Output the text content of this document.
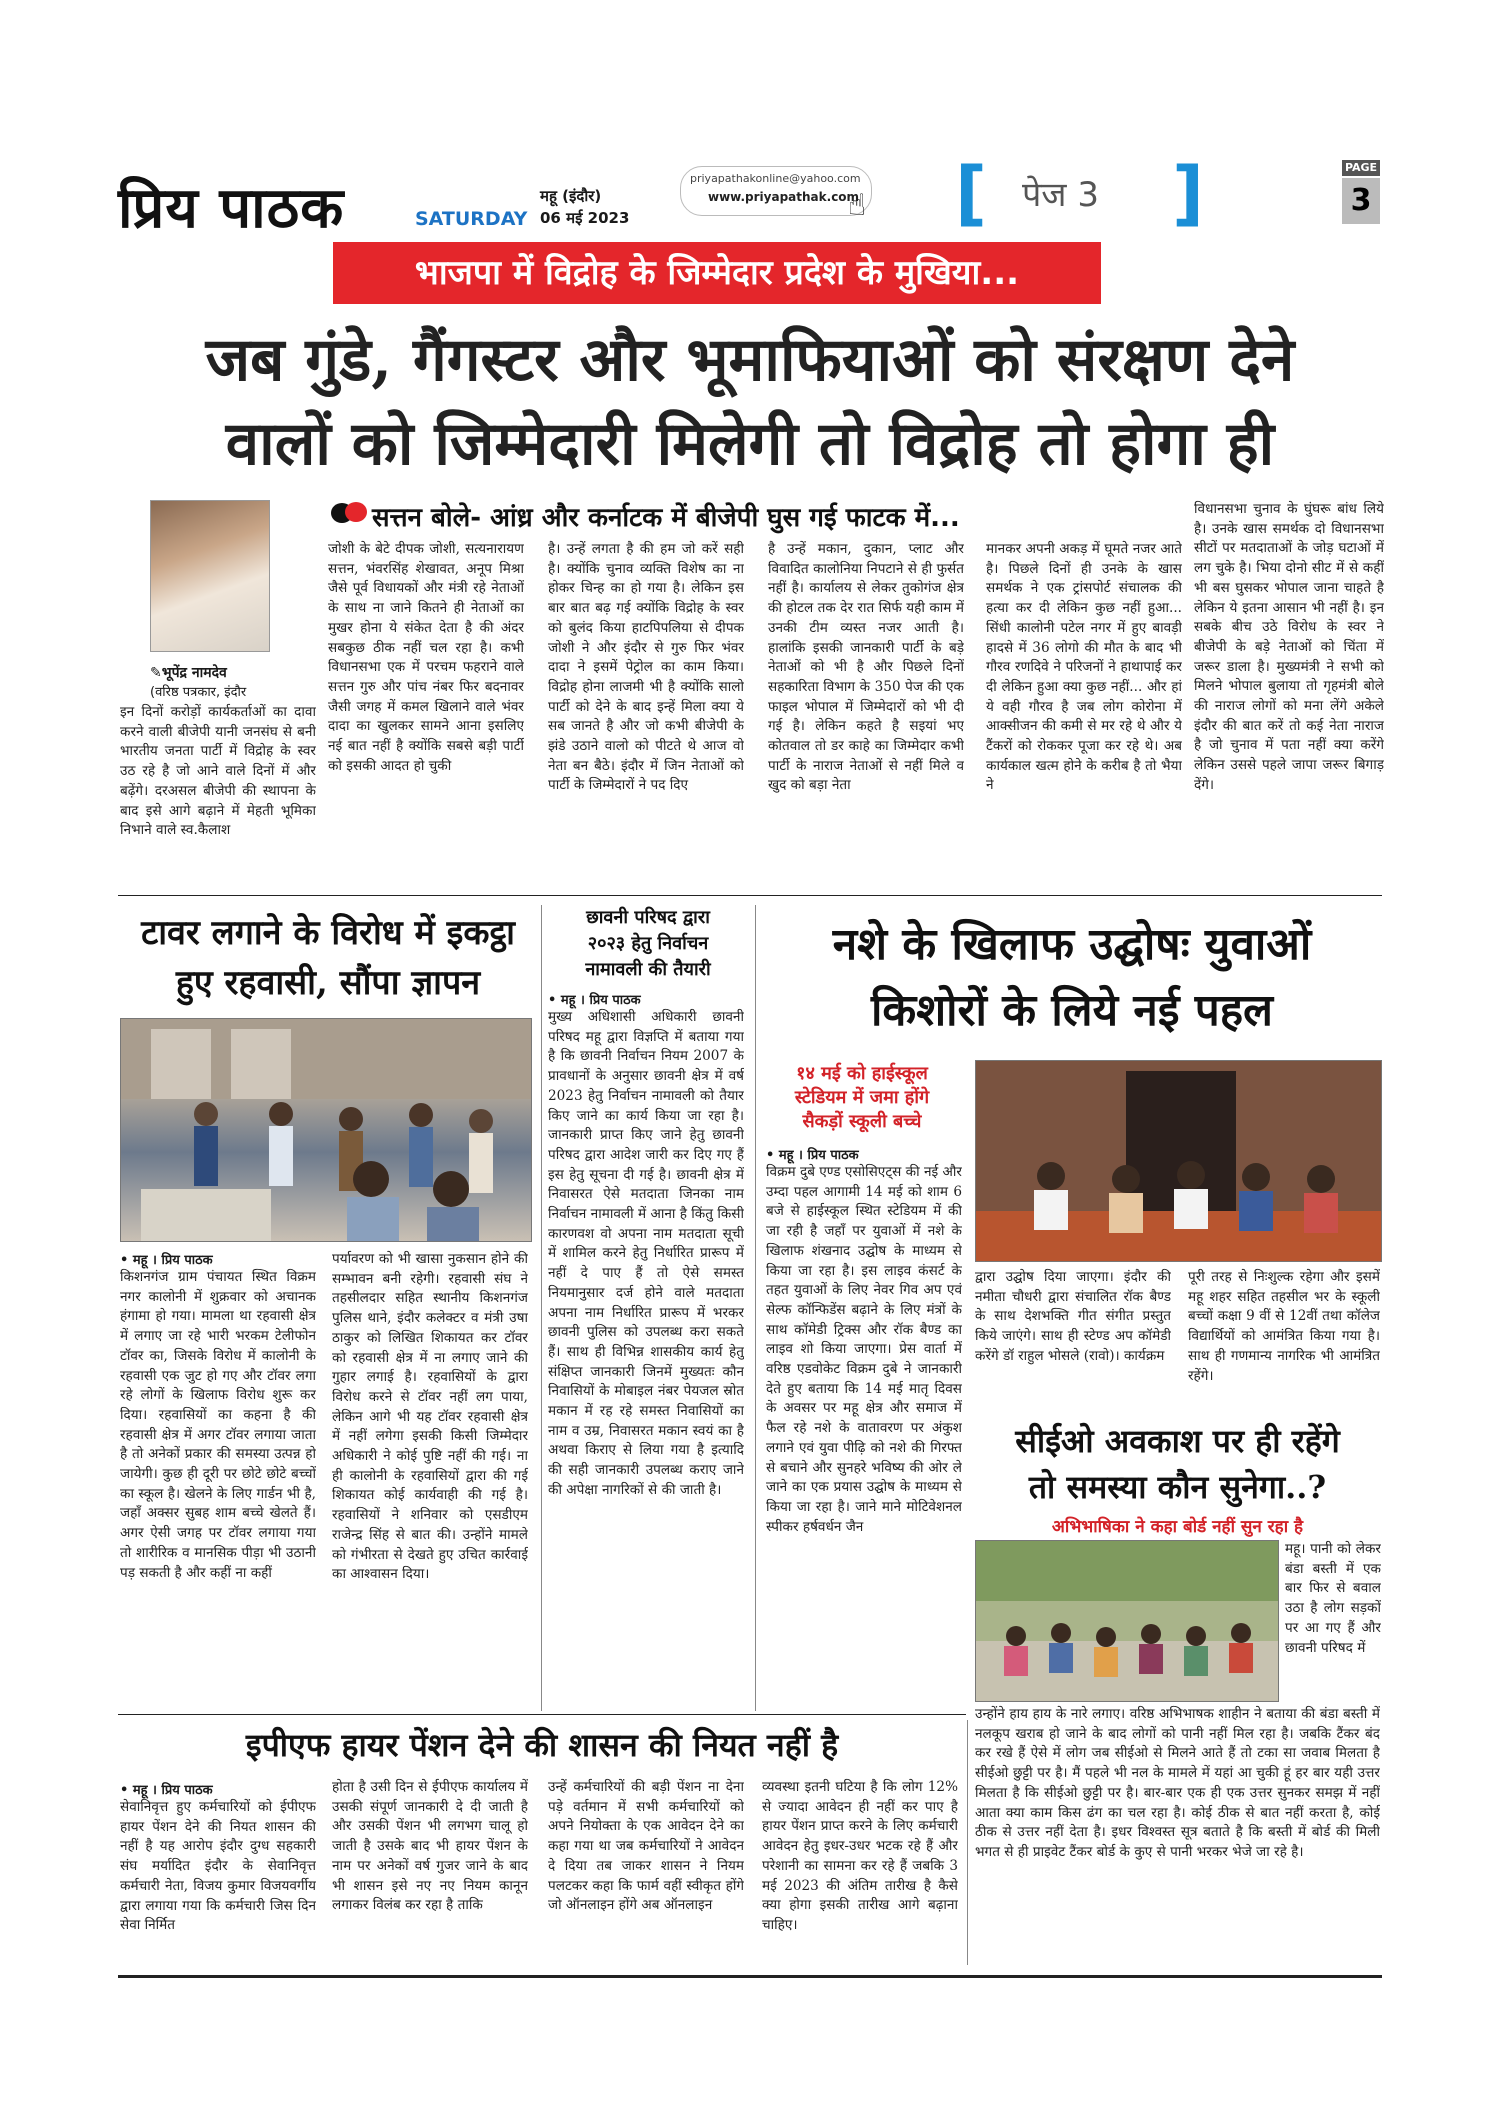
प्रिय पाठक	SATURDAY
महू (इंदौर)
06 मई 2023
priyapathakonline@yahoo.com
www.priyapathak.com
☝ [ पेज 3 ]	PAGE
3
भाजपा में विद्रोह के जिम्मेदार प्रदेश के मुखिया...
जब गुंडे, गैंगस्टर और भूमाफियाओं को संरक्षण देने
वालों को जिम्मेदारी मिलेगी तो विद्रोह तो होगा ही
✎भूपेंद्र नामदेव
(वरिष्ठ पत्रकार, इंदौर
सत्तन बोले- आंध्र और कर्नाटक में बीजेपी घुस गई फाटक में...
इन दिनों करोड़ों कार्यकर्ताओं का दावा करने वाली बीजेपी यानी जनसंघ से बनी भारतीय जनता पार्टी में विद्रोह के स्वर उठ रहे है जो आने वाले दिनों में और बढ़ेंगे। दरअसल बीजेपी की स्थापना के बाद इसे आगे बढ़ाने में मेहती भूमिका निभाने वाले स्व.कैलाश
जोशी के बेटे दीपक जोशी, सत्यनारायण सत्तन, भंवरसिंह शेखावत, अनूप मिश्रा जैसे पूर्व विधायकों और मंत्री रहे नेताओं के साथ ना जाने कितने ही नेताओं का मुखर होना ये संकेत देता है की अंदर सबकुछ ठीक नहीं चल रहा है। कभी विधानसभा एक में परचम फहराने वाले सत्तन गुरु और पांच नंबर फिर बदनावर जैसी जगह में कमल खिलाने वाले भंवर दादा का खुलकर सामने आना इसलिए नई बात नहीं है क्योंकि सबसे बड़ी पार्टी को इसकी आदत हो चुकी
है। उन्हें लगता है की हम जो करें सही है। क्योंकि चुनाव व्यक्ति विशेष का ना होकर चिन्ह का हो गया है। लेकिन इस बार बात बढ़ गई क्योंकि विद्रोह के स्वर को बुलंद किया हाटपिपलिया से दीपक जोशी ने और इंदौर से गुरु फिर भंवर दादा ने इसमें पेट्रोल का काम किया। विद्रोह होना लाजमी भी है क्योंकि सालो पार्टी को देने के बाद इन्हें मिला क्या ये सब जानते है और जो कभी बीजेपी के झंडे उठाने वालो को पीटते थे आज वो नेता बन बैठे। इंदौर में जिन नेताओं को पार्टी के जिम्मेदारों ने पद दिए
है उन्हें मकान, दुकान, प्लाट और विवादित कालोनिया निपटाने से ही फुर्सत नहीं है। कार्यालय से लेकर तुकोगंज क्षेत्र की होटल तक देर रात सिर्फ यही काम में उनकी टीम व्यस्त नजर आती है। हालांकि इसकी जानकारी पार्टी के बड़े नेताओं को भी है और पिछले दिनों सहकारिता विभाग के 350 पेज की एक फाइल भोपाल में जिम्मेदारों को भी दी गई है। लेकिन कहते है सइयां भए कोतवाल तो डर काहे का जिम्मेदार कभी पार्टी के नाराज नेताओं से नहीं मिले व खुद को बड़ा नेता
मानकर अपनी अकड़ में घूमते नजर आते है। पिछले दिनों ही उनके के खास समर्थक ने एक ट्रांसपोर्ट संचालक की हत्या कर दी लेकिन कुछ नहीं हुआ... सिंधी कालोनी पटेल नगर में हुए बावड़ी हादसे में 36 लोगो की मौत के बाद भी गौरव रणदिवे ने परिजनों ने हाथापाई कर दी लेकिन हुआ क्या कुछ नहीं... और हां ये वही गौरव है जब लोग कोरोना में आक्सीजन की कमी से मर रहे थे और ये टैंकरों को रोककर पूजा कर रहे थे। अब कार्यकाल खत्म होने के करीब है तो भैया ने
विधानसभा चुनाव के घुंघरू बांध लिये है। उनके खास समर्थक दो विधानसभा सीटों पर मतदाताओं के जोड़ घटाओं में लग चुके है। भिया दोनो सीट में से कहीं भी बस घुसकर भोपाल जाना चाहते है लेकिन ये इतना आसान भी नहीं है। इन सबके बीच उठे विरोध के स्वर ने बीजेपी के बड़े नेताओं को चिंता में जरूर डाला है। मुख्यमंत्री ने सभी को मिलने भोपाल बुलाया तो गृहमंत्री बोले की नाराज लोगों को मना लेंगे अकेले इंदौर की बात करें तो कई नेता नाराज है जो चुनाव में पता नहीं क्या करेंगे लेकिन उससे पहले जापा जरूर बिगाड़ देंगे।
टावर लगाने के विरोध में इकट्ठा
हुए रहवासी, सौंपा ज्ञापन
• महू । प्रिय पाठक
किशनगंज ग्राम पंचायत स्थित विक्रम नगर कालोनी में शुक्रवार को अचानक हंगामा हो गया। मामला था रहवासी क्षेत्र में लगाए जा रहे भारी भरकम टेलीफोन टॉवर का, जिसके विरोध में कालोनी के रहवासी एक जुट हो गए और टॉवर लगा रहे लोगों के खिलाफ विरोध शुरू कर दिया। रहवासियों का कहना है की रहवासी क्षेत्र में अगर टॉवर लगाया जाता है तो अनेकों प्रकार की समस्या उत्पन्न हो जायेगी। कुछ ही दूरी पर छोटे छोटे बच्चों का स्कूल है। खेलने के लिए गार्डन भी है, जहाँ अक्सर सुबह शाम बच्चे खेलते हैं। अगर ऐसी जगह पर टॉवर लगाया गया तो शारीरिक व मानसिक पीड़ा भी उठानी पड़ सकती है और कहीं ना कहीं
पर्यावरण को भी खासा नुकसान होने की सम्भावन बनी रहेगी। रहवासी संघ ने तहसीलदार सहित स्थानीय किशनगंज पुलिस थाने, इंदौर कलेक्टर व मंत्री उषा ठाकुर को लिखित शिकायत कर टॉवर को रहवासी क्षेत्र में ना लगाए जाने की गुहार लगाई है। रहवासियों के द्वारा विरोध करने से टॉवर नहीं लग पाया, लेकिन आगे भी यह टॉवर रहवासी क्षेत्र में नहीं लगेगा इसकी किसी जिम्मेदार अधिकारी ने कोई पुष्टि नहीं की गई। ना ही कालोनी के रहवासियों द्वारा की गई शिकायत कोई कार्यवाही की गई है। रहवासियों ने शनिवार को एसडीएम राजेन्द्र सिंह से बात की। उन्होंने मामले को गंभीरता से देखते हुए उचित कार्रवाई का आश्वासन दिया।
छावनी परिषद द्वारा
२०२३ हेतु निर्वाचन
नामावली की तैयारी
• महू । प्रिय पाठक
मुख्य अधिशासी अधिकारी छावनी परिषद महू द्वारा विज्ञप्ति में बताया गया है कि छावनी निर्वाचन नियम 2007 के प्रावधानों के अनुसार छावनी क्षेत्र में वर्ष 2023 हेतु निर्वाचन नामावली को तैयार किए जाने का कार्य किया जा रहा है। जानकारी प्राप्त किए जाने हेतु छावनी परिषद द्वारा आदेश जारी कर दिए गए हैं इस हेतु सूचना दी गई है। छावनी क्षेत्र में निवासरत ऐसे मतदाता जिनका नाम निर्वाचन नामावली में आना है किंतु किसी कारणवश वो अपना नाम मतदाता सूची में शामिल करने हेतु निर्धारित प्रारूप में नहीं दे पाए हैं तो ऐसे समस्त नियमानुसार दर्ज होने वाले मतदाता अपना नाम निर्धारित प्रारूप में भरकर छावनी पुलिस को उपलब्ध करा सकते हैं। साथ ही विभिन्न शासकीय कार्य हेतु संक्षिप्त जानकारी जिनमें मुख्यतः कौन निवासियों के मोबाइल नंबर पेयजल स्रोत मकान में रह रहे समस्त निवासियों का नाम व उम्र, निवासरत मकान स्वयं का है अथवा किराए से लिया गया है इत्यादि की सही जानकारी उपलब्ध कराए जाने की अपेक्षा नागरिकों से की जाती है।
नशे के खिलाफ उद्घोषः युवाओं
किशोरों के लिये नई पहल
१४ मई को हाईस्कूल
स्टेडियम में जमा होंगे
सैकड़ों स्कूली बच्चे
• महू । प्रिय पाठक
विक्रम दुबे एण्ड एसोसिएट्स की नई और उम्दा पहल आगामी 14 मई को शाम 6 बजे से हाईस्कूल स्थित स्टेडियम में की जा रही है जहाँ पर युवाओं में नशे के खिलाफ शंखनाद उद्घोष के माध्यम से किया जा रहा है। इस लाइव कंसर्ट के तहत युवाओं के लिए नेवर गिव अप एवं सेल्फ कॉन्फिडेंस बढ़ाने के लिए मंत्रों के साथ कॉमेडी ट्रिक्स और रॉक बैण्ड का लाइव शो किया जाएगा। प्रेस वार्ता में वरिष्ठ एडवोकेट विक्रम दुबे ने जानकारी देते हुए बताया कि 14 मई मातृ दिवस के अवसर पर महू क्षेत्र और समाज में फैल रहे नशे के वातावरण पर अंकुश लगाने एवं युवा पीढ़ि को नशे की गिरफ्त से बचाने और सुनहरे भविष्य की ओर ले जाने का एक प्रयास उद्घोष के माध्यम से किया जा रहा है। जाने माने मोटिवेशनल स्पीकर हर्षवर्धन जैन
द्वारा उद्घोष दिया जाएगा। इंदौर की नमीता चौधरी द्वारा संचालित रॉक बैण्ड के साथ देशभक्ति गीत संगीत प्रस्तुत किये जाएंगे। साथ ही स्टेण्ड अप कॉमेडी करेंगे डॉ राहुल भोसले (रावो)। कार्यक्रम
पूरी तरह से निःशुल्क रहेगा और इसमें महू शहर सहित तहसील भर के स्कूली बच्चों कक्षा 9 वीं से 12वीं तथा कॉलेज विद्यार्थियों को आमंत्रित किया गया है। साथ ही गणमान्य नागरिक भी आमंत्रित रहेंगे।
सीईओ अवकाश पर ही रहेंगे
तो समस्या कौन सुनेगा..?
अभिभाषिका ने कहा बोर्ड नहीं सुन रहा है
महू। पानी को लेकर बंडा बस्ती में एक बार फिर से बवाल उठा है लोग सड़कों पर आ गए हैं और छावनी परिषद में
उन्होंने हाय हाय के नारे लगाए। वरिष्ठ अभिभाषक शाहीन ने बताया की बंडा बस्ती में नलकूप खराब हो जाने के बाद लोगों को पानी नहीं मिल रहा है। जबकि टैंकर बंद कर रखे हैं ऐसे में लोग जब सीईओ से मिलने आते हैं तो टका सा जवाब मिलता है सीईओ छुट्टी पर है। मैं पहले भी नल के मामले में यहां आ चुकी हूं हर बार यही उत्तर मिलता है कि सीईओ छुट्टी पर है। बार-बार एक ही एक उत्तर सुनकर समझ में नहीं आता क्या काम किस ढंग का चल रहा है। कोई ठीक से बात नहीं करता है, कोई ठीक से उत्तर नहीं देता है। इधर विश्वस्त सूत्र बताते है कि बस्ती में बोर्ड की मिली भगत से ही प्राइवेट टैंकर बोर्ड के कुए से पानी भरकर भेजे जा रहे है।
इपीएफ हायर पेंशन देने की शासन की नियत नहीं है
• महू । प्रिय पाठक
सेवानिवृत्त हुए कर्मचारियों को ईपीएफ हायर पेंशन देने की नियत शासन की नहीं है यह आरोप इंदौर दुग्ध सहकारी संघ मर्यादित इंदौर के सेवानिवृत्त कर्मचारी नेता, विजय कुमार विजयवर्गीय द्वारा लगाया गया कि कर्मचारी जिस दिन सेवा निर्मित
होता है उसी दिन से ईपीएफ कार्यालय में उसकी संपूर्ण जानकारी दे दी जाती है और उसकी पेंशन भी लगभग चालू हो जाती है उसके बाद भी हायर पेंशन के नाम पर अनेकों वर्ष गुजर जाने के बाद भी शासन इसे नए नए नियम कानून लगाकर विलंब कर रहा है ताकि
उन्हें कर्मचारियों की बड़ी पेंशन ना देना पड़े वर्तमान में सभी कर्मचारियों को अपने नियोक्ता के एक आवेदन देने का कहा गया था जब कर्मचारियों ने आवेदन दे दिया तब जाकर शासन ने नियम पलटकर कहा कि फार्म वहीं स्वीकृत होंगे जो ऑनलाइन होंगे अब ऑनलाइन
व्यवस्था इतनी घटिया है कि लोग 12% से ज्यादा आवेदन ही नहीं कर पाए है हायर पेंशन प्राप्त करने के लिए कर्मचारी आवेदन हेतु इधर-उधर भटक रहे हैं और परेशानी का सामना कर रहे हैं जबकि 3 मई 2023 की अंतिम तारीख है कैसे क्या होगा इसकी तारीख आगे बढ़ाना चाहिए।
